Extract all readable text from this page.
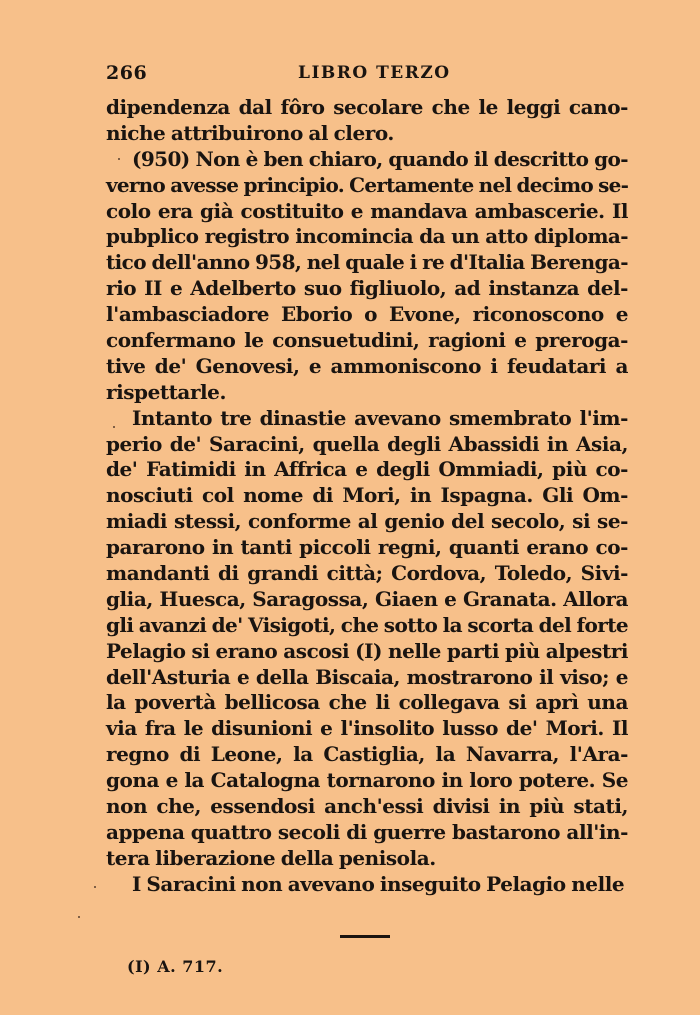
266	LIBRO TERZO
dipendenza dal fôro secolare che le leggi cano-
niche attribuirono al clero.
(950) Non è ben chiaro, quando il descritto go-
verno avesse principio. Certamente nel decimo se-
colo era già costituito e mandava ambascerie. Il
pubplico registro incomincia da un atto diploma-
tico dell'anno 958, nel quale i re d'Italia Berenga-
rio II e Adelberto suo figliuolo, ad instanza del-
l'ambasciadore Eborio o Evone, riconoscono e
confermano le consuetudini, ragioni e preroga-
tive de' Genovesi, e ammoniscono i feudatari a
rispettarle.
Intanto tre dinastie avevano smembrato l'im-
perio de' Saracini, quella degli Abassidi in Asia,
de' Fatimidi in Affrica e degli Ommiadi, più co-
nosciuti col nome di Mori, in Ispagna. Gli Om-
miadi stessi, conforme al genio del secolo, si se-
pararono in tanti piccoli regni, quanti erano co-
mandanti di grandi città; Cordova, Toledo, Sivi-
glia, Huesca, Saragossa, Giaen e Granata. Allora
gli avanzi de' Visigoti, che sotto la scorta del forte
Pelagio si erano ascosi (I) nelle parti più alpestri
dell'Asturia e della Biscaia, mostrarono il viso; e
la povertà bellicosa che li collegava si aprì una
via fra le disunioni e l'insolito lusso de' Mori. Il
regno di Leone, la Castiglia, la Navarra, l'Ara-
gona e la Catalogna tornarono in loro potere. Se
non che, essendosi anch'essi divisi in più stati,
appena quattro secoli di guerre bastarono all'in-
tera liberazione della penisola.
I Saracini non avevano inseguito Pelagio nelle
(I) A. 717.
